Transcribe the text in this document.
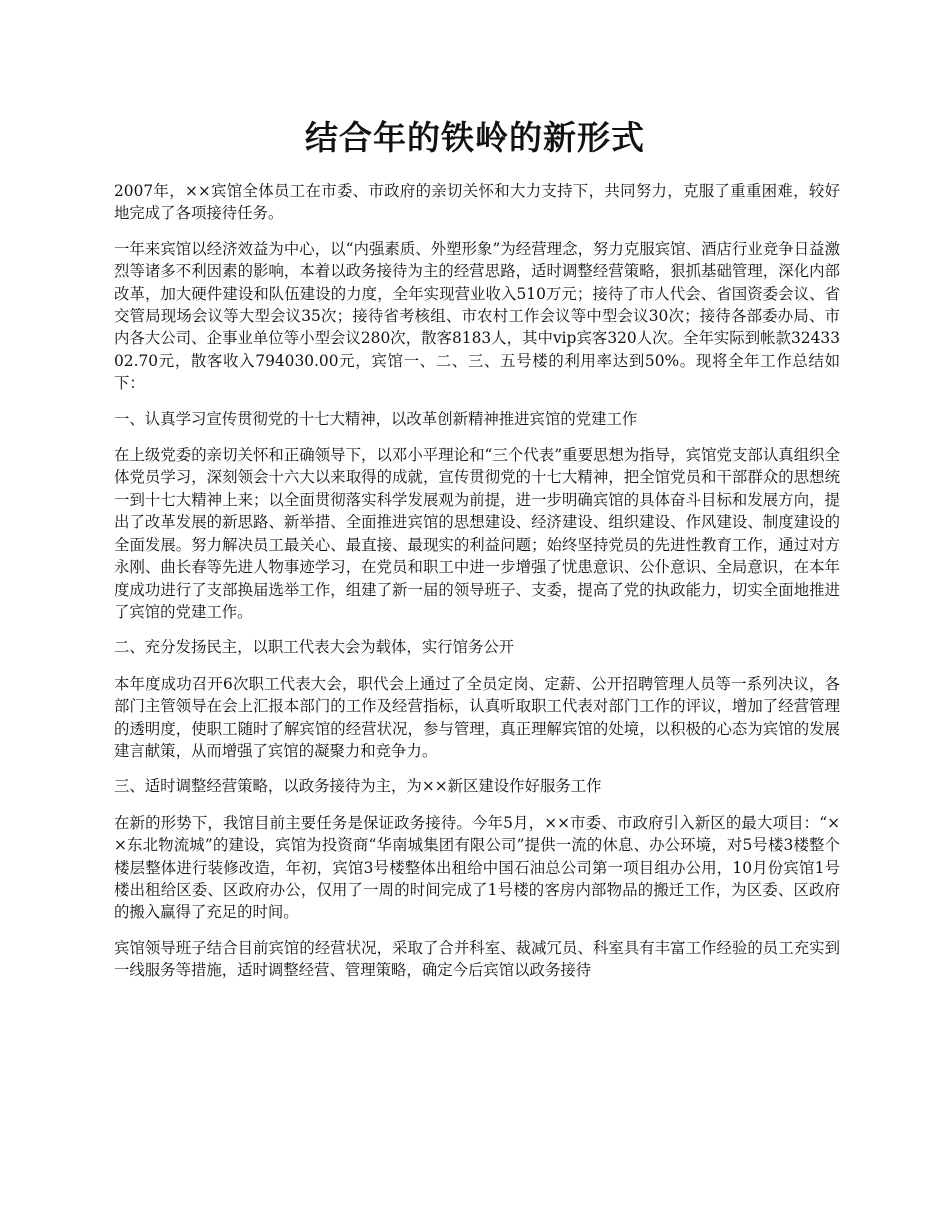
结合年的铁岭的新形式

2007年，××宾馆全体员工在市委、市政府的亲切关怀和大力支持下，共同努力，克服了重重困难，较好地完成了各项接待任务。

一年来宾馆以经济效益为中心，以“内强素质、外塑形象”为经营理念，努力克服宾馆、酒店行业竞争日益激烈等诸多不利因素的影响，本着以政务接待为主的经营思路，适时调整经营策略，狠抓基础管理，深化内部改革，加大硬件建设和队伍建设的力度，全年实现营业收入510万元；接待了市人代会、省国资委会议、省交管局现场会议等大型会议35次；接待省考核组、市农村工作会议等中型会议30次；接待各部委办局、市内各大公司、企事业单位等小型会议280次，散客8183人，其中vip宾客320人次。全年实际到帐款3243302.70元，散客收入794030.00元，宾馆一、二、三、五号楼的利用率达到50%。现将全年工作总结如下：

一、认真学习宣传贯彻党的十七大精神，以改革创新精神推进宾馆的党建工作

在上级党委的亲切关怀和正确领导下，以邓小平理论和“三个代表”重要思想为指导，宾馆党支部认真组织全体党员学习，深刻领会十六大以来取得的成就，宣传贯彻党的十七大精神，把全馆党员和干部群众的思想统一到十七大精神上来；以全面贯彻落实科学发展观为前提，进一步明确宾馆的具体奋斗目标和发展方向，提出了改革发展的新思路、新举措、全面推进宾馆的思想建设、经济建设、组织建设、作风建设、制度建设的全面发展。努力解决员工最关心、最直接、最现实的利益问题；始终坚持党员的先进性教育工作，通过对方永刚、曲长春等先进人物事迹学习，在党员和职工中进一步增强了忧患意识、公仆意识、全局意识，在本年度成功进行了支部换届选举工作，组建了新一届的领导班子、支委，提高了党的执政能力，切实全面地推进了宾馆的党建工作。

二、充分发扬民主，以职工代表大会为载体，实行馆务公开

本年度成功召开6次职工代表大会，职代会上通过了全员定岗、定薪、公开招聘管理人员等一系列决议，各部门主管领导在会上汇报本部门的工作及经营指标，认真听取职工代表对部门工作的评议，增加了经营管理的透明度，使职工随时了解宾馆的经营状况，参与管理，真正理解宾馆的处境，以积极的心态为宾馆的发展建言献策，从而增强了宾馆的凝聚力和竞争力。

三、适时调整经营策略，以政务接待为主，为××新区建设作好服务工作

在新的形势下，我馆目前主要任务是保证政务接待。今年5月，××市委、市政府引入新区的最大项目：“××东北物流城”的建设，宾馆为投资商“华南城集团有限公司”提供一流的休息、办公环境，对5号楼3楼整个楼层整体进行装修改造，年初，宾馆3号楼整体出租给中国石油总公司第一项目组办公用，10月份宾馆1号楼出租给区委、区政府办公，仅用了一周的时间完成了1号楼的客房内部物品的搬迁工作，为区委、区政府的搬入赢得了充足的时间。

宾馆领导班子结合目前宾馆的经营状况，采取了合并科室、裁减冗员、科室具有丰富工作经验的员工充实到一线服务等措施，适时调整经营、管理策略，确定今后宾馆以政务接待
